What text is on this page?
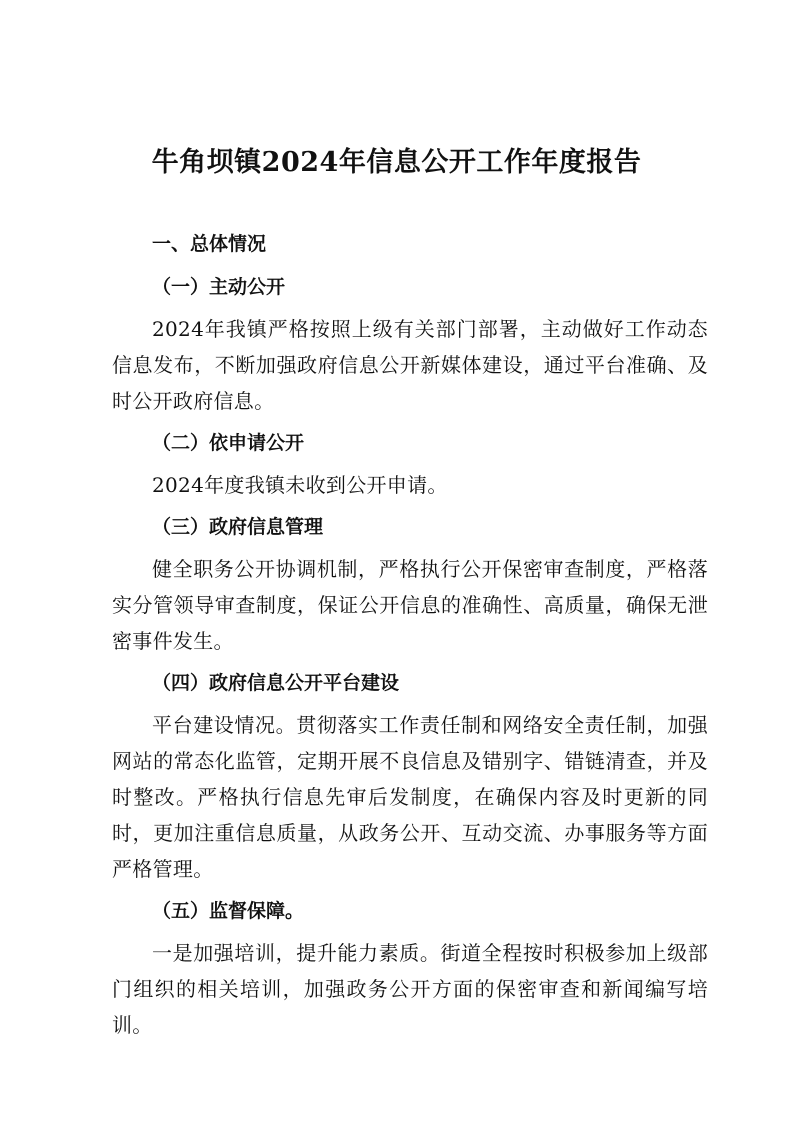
牛角坝镇2024年信息公开工作年度报告
一、总体情况
（一）主动公开
2024年我镇严格按照上级有关部门部署，主动做好工作动态信息发布，不断加强政府信息公开新媒体建设，通过平台准确、及时公开政府信息。
（二）依申请公开
2024年度我镇未收到公开申请。
（三）政府信息管理
健全职务公开协调机制，严格执行公开保密审查制度，严格落实分管领导审查制度，保证公开信息的准确性、高质量，确保无泄密事件发生。
（四）政府信息公开平台建设
平台建设情况。贯彻落实工作责任制和网络安全责任制，加强网站的常态化监管，定期开展不良信息及错别字、错链清查，并及时整改。严格执行信息先审后发制度，在确保内容及时更新的同时，更加注重信息质量，从政务公开、互动交流、办事服务等方面严格管理。
（五）监督保障。
一是加强培训，提升能力素质。街道全程按时积极参加上级部门组织的相关培训，加强政务公开方面的保密审查和新闻编写培训。
